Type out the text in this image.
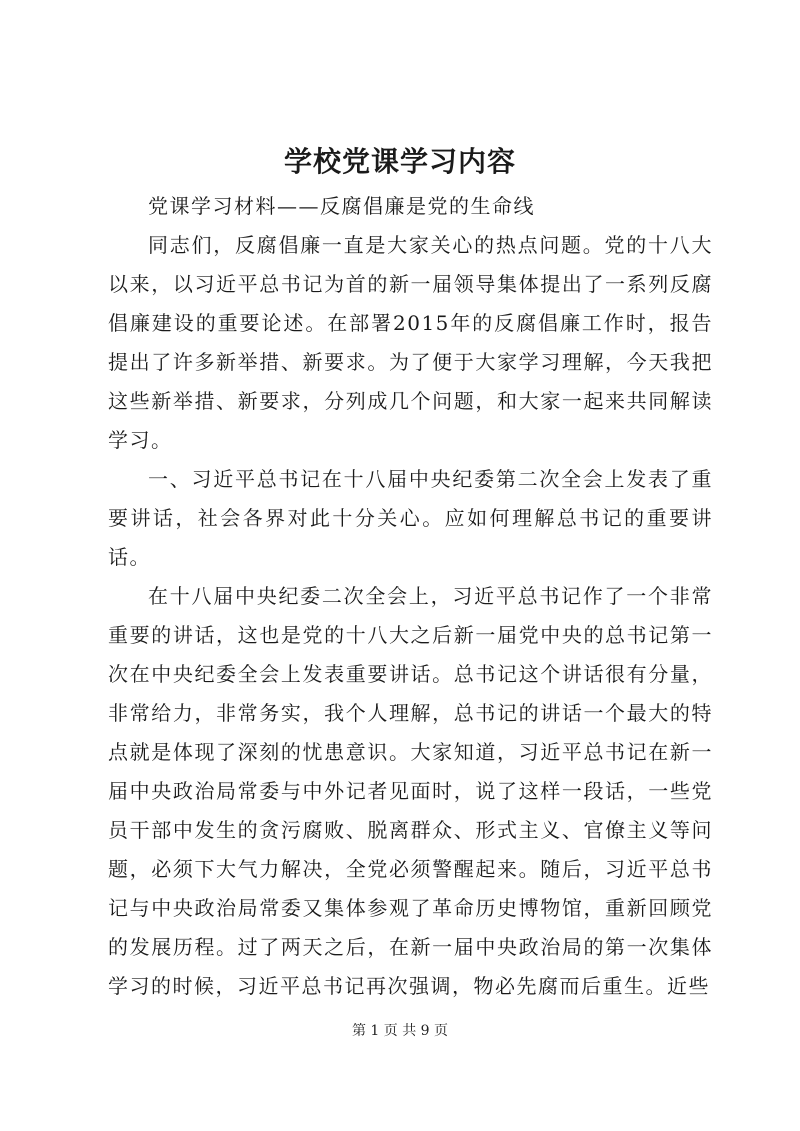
学校党课学习内容

党课学习材料——反腐倡廉是党的生命线

同志们，反腐倡廉一直是大家关心的热点问题。党的十八大以来，以习近平总书记为首的新一届领导集体提出了一系列反腐倡廉建设的重要论述。在部署2015年的反腐倡廉工作时，报告提出了许多新举措、新要求。为了便于大家学习理解，今天我把这些新举措、新要求，分列成几个问题，和大家一起来共同解读学习。

一、习近平总书记在十八届中央纪委第二次全会上发表了重要讲话，社会各界对此十分关心。应如何理解总书记的重要讲话。

在十八届中央纪委二次全会上，习近平总书记作了一个非常重要的讲话，这也是党的十八大之后新一届党中央的总书记第一次在中央纪委全会上发表重要讲话。总书记这个讲话很有分量，非常给力，非常务实，我个人理解，总书记的讲话一个最大的特点就是体现了深刻的忧患意识。大家知道，习近平总书记在新一届中央政治局常委与中外记者见面时，说了这样一段话，一些党员干部中发生的贪污腐败、脱离群众、形式主义、官僚主义等问题，必须下大气力解决，全党必须警醒起来。随后，习近平总书记与中央政治局常委又集体参观了革命历史博物馆，重新回顾党的发展历程。过了两天之后，在新一届中央政治局的第一次集体学习的时候，习近平总书记再次强调，物必先腐而后重生。近些

第 1 页 共 9 页
